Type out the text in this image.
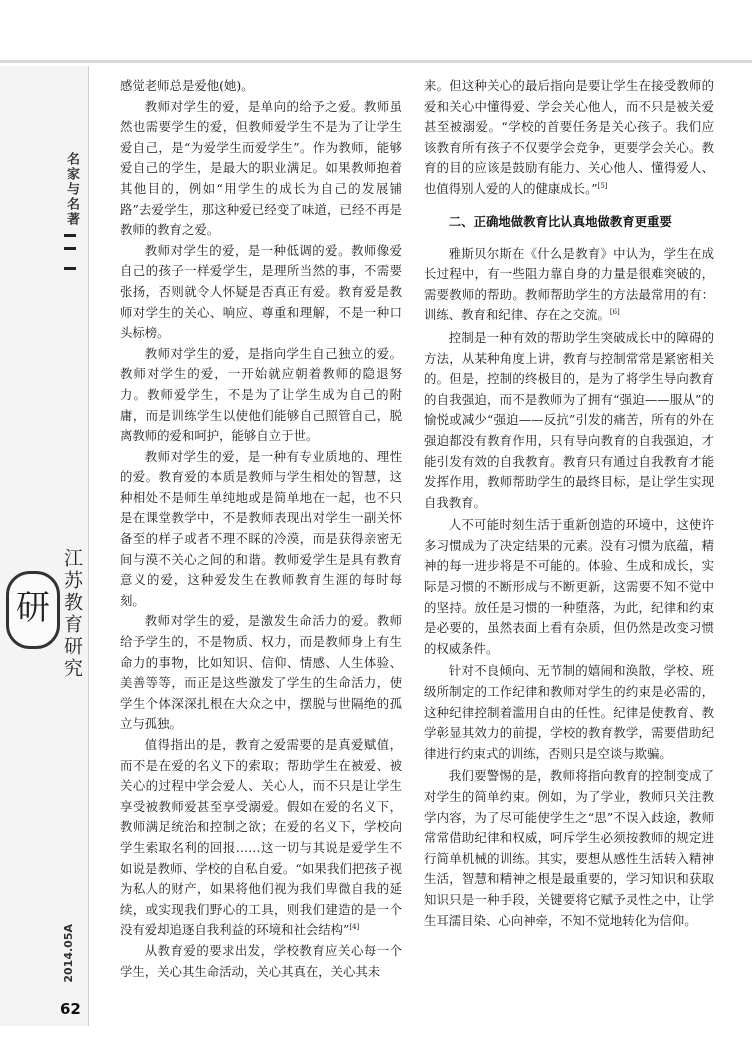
名家与名著
研 江苏教育研究
2014.05A
62

感觉老师总是爱他(她)。

教师对学生的爱，是单向的给予之爱。教师虽然也需要学生的爱，但教师爱学生不是为了让学生爱自己，是“为爱学生而爱学生”。作为教师，能够爱自己的学生，是最大的职业满足。如果教师抱着其他目的，例如“用学生的成长为自己的发展铺路”去爱学生，那这种爱已经变了味道，已经不再是教师的教育之爱。

教师对学生的爱，是一种低调的爱。教师像爱自己的孩子一样爱学生，是理所当然的事，不需要张扬，否则就令人怀疑是否真正有爱。教育爱是教师对学生的关心、响应、尊重和理解，不是一种口头标榜。

教师对学生的爱，是指向学生自己独立的爱。教师对学生的爱，一开始就应朝着教师的隐退努力。教师爱学生，不是为了让学生成为自己的附庸，而是训练学生以使他们能够自己照管自己，脱离教师的爱和呵护，能够自立于世。

教师对学生的爱，是一种有专业质地的、理性的爱。教育爱的本质是教师与学生相处的智慧，这种相处不是师生单纯地或是简单地在一起，也不只是在课堂教学中，不是教师表现出对学生一副关怀备至的样子或者不理不睬的冷漠，而是获得亲密无间与漠不关心之间的和谐。教师爱学生是具有教育意义的爱，这种爱发生在教师教育生涯的每时每刻。

教师对学生的爱，是激发生命活力的爱。教师给予学生的，不是物质、权力，而是教师身上有生命力的事物，比如知识、信仰、情感、人生体验、美善等等，而正是这些激发了学生的生命活力，使学生个体深深扎根在大众之中，摆脱与世隔绝的孤立与孤独。

值得指出的是，教育之爱需要的是真爱赋值，而不是在爱的名义下的索取；帮助学生在被爱、被关心的过程中学会爱人、关心人，而不只是让学生享受被教师爱甚至享受溺爱。假如在爱的名义下，教师满足统治和控制之欲；在爱的名义下，学校向学生索取名利的回报……这一切与其说是爱学生不如说是教师、学校的自私自爱。“如果我们把孩子视为私人的财产，如果将他们视为我们卑微自我的延续，或实现我们野心的工具，则我们建造的是一个没有爱却追逐自我利益的环境和社会结构”[4]

从教育爱的要求出发，学校教育应关心每一个学生，关心其生命活动，关心其真在，关心其未

来。但这种关心的最后指向是要让学生在接受教师的爱和关心中懂得爱、学会关心他人，而不只是被关爱甚至被溺爱。“学校的首要任务是关心孩子。我们应该教育所有孩子不仅要学会竞争，更要学会关心。教育的目的应该是鼓励有能力、关心他人、懂得爱人、也值得别人爱的人的健康成长。”[5]

二、正确地做教育比认真地做教育更重要

雅斯贝尔斯在《什么是教育》中认为，学生在成长过程中，有一些阻力靠自身的力量是很难突破的，需要教师的帮助。教师帮助学生的方法最常用的有：训练、教育和纪律、存在之交流。[6]

控制是一种有效的帮助学生突破成长中的障碍的方法，从某种角度上讲，教育与控制常常是紧密相关的。但是，控制的终极目的，是为了将学生导向教育的自我强迫，而不是教师为了拥有“强迫——服从”的愉悦或减少“强迫——反抗”引发的痛苦，所有的外在强迫都没有教育作用，只有导向教育的自我强迫，才能引发有效的自我教育。教育只有通过自我教育才能发挥作用，教师帮助学生的最终目标，是让学生实现自我教育。

人不可能时刻生活于重新创造的环境中，这使许多习惯成为了决定结果的元素。没有习惯为底蕴，精神的每一进步将是不可能的。体验、生成和成长，实际是习惯的不断形成与不断更新，这需要不知不觉中的坚持。放任是习惯的一种堕落，为此，纪律和约束是必要的，虽然表面上看有杂质，但仍然是改变习惯的权威条件。

针对不良倾向、无节制的嬉闹和涣散，学校、班级所制定的工作纪律和教师对学生的约束是必需的，这种纪律控制着滥用自由的任性。纪律是使教育、教学彰显其效力的前提，学校的教育教学，需要借助纪律进行约束式的训练，否则只是空谈与欺骗。

我们要警惕的是，教师将指向教育的控制变成了对学生的简单约束。例如，为了学业，教师只关注教学内容，为了尽可能使学生之“思”不误入歧途，教师常常借助纪律和权威，呵斥学生必须按教师的规定进行简单机械的训练。其实，要想从感性生活转入精神生活，智慧和精神之根是最重要的，学习知识和获取知识只是一种手段，关键要将它赋予灵性之中，让学生耳濡目染、心向神牵，不知不觉地转化为信仰。
